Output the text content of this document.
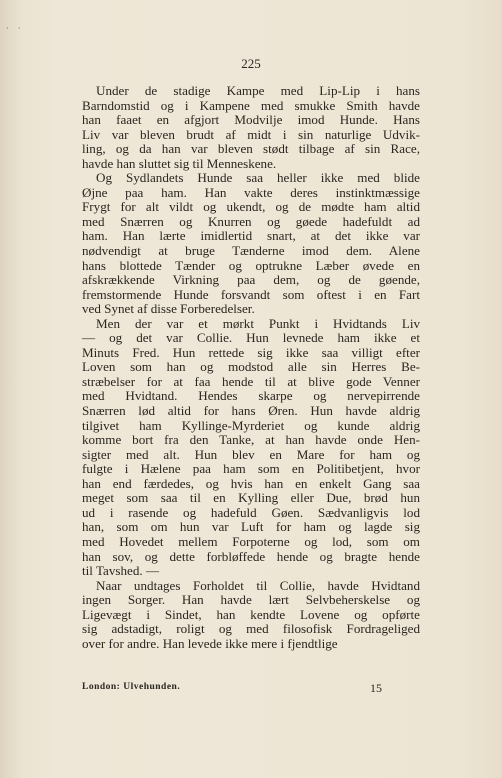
· ·
225
Under de stadige Kampe med Lip-Lip i hans
Barndomstid og i Kampene med smukke Smith havde
han faaet en afgjort Modvilje imod Hunde. Hans
Liv var bleven brudt af midt i sin naturlige Udvik-
ling, og da han var bleven stødt tilbage af sin Race,
havde han sluttet sig til Menneskene.
Og Sydlandets Hunde saa heller ikke med blide
Øjne paa ham. Han vakte deres instinktmæssige
Frygt for alt vildt og ukendt, og de mødte ham altid
med Snærren og Knurren og gøede hadefuldt ad
ham. Han lærte imidlertid snart, at det ikke var
nødvendigt at bruge Tænderne imod dem. Alene
hans blottede Tænder og optrukne Læber øvede en
afskrækkende Virkning paa dem, og de gøende,
fremstormende Hunde forsvandt som oftest i en Fart
ved Synet af disse Forberedelser.
Men der var et mørkt Punkt i Hvidtands Liv
— og det var Collie. Hun levnede ham ikke et
Minuts Fred. Hun rettede sig ikke saa villigt efter
Loven som han og modstod alle sin Herres Be-
stræbelser for at faa hende til at blive gode Venner
med Hvidtand. Hendes skarpe og nervepirrende
Snærren lød altid for hans Øren. Hun havde aldrig
tilgivet ham Kyllinge-Myrderiet og kunde aldrig
komme bort fra den Tanke, at han havde onde Hen-
sigter med alt. Hun blev en Mare for ham og
fulgte i Hælene paa ham som en Politibetjent, hvor
han end færdedes, og hvis han en enkelt Gang saa
meget som saa til en Kylling eller Due, brød hun
ud i rasende og hadefuld Gøen. Sædvanligvis lod
han, som om hun var Luft for ham og lagde sig
med Hovedet mellem Forpoterne og lod, som om
han sov, og dette forbløffede hende og bragte hende
til Tavshed. —
Naar undtages Forholdet til Collie, havde Hvidtand
ingen Sorger. Han havde lært Selvbeherskelse og
Ligevægt i Sindet, han kendte Lovene og opførte
sig adstadigt, roligt og med filosofisk Fordrageliged
over for andre. Han levede ikke mere i fjendtlige
London: Ulvehunden.	15
